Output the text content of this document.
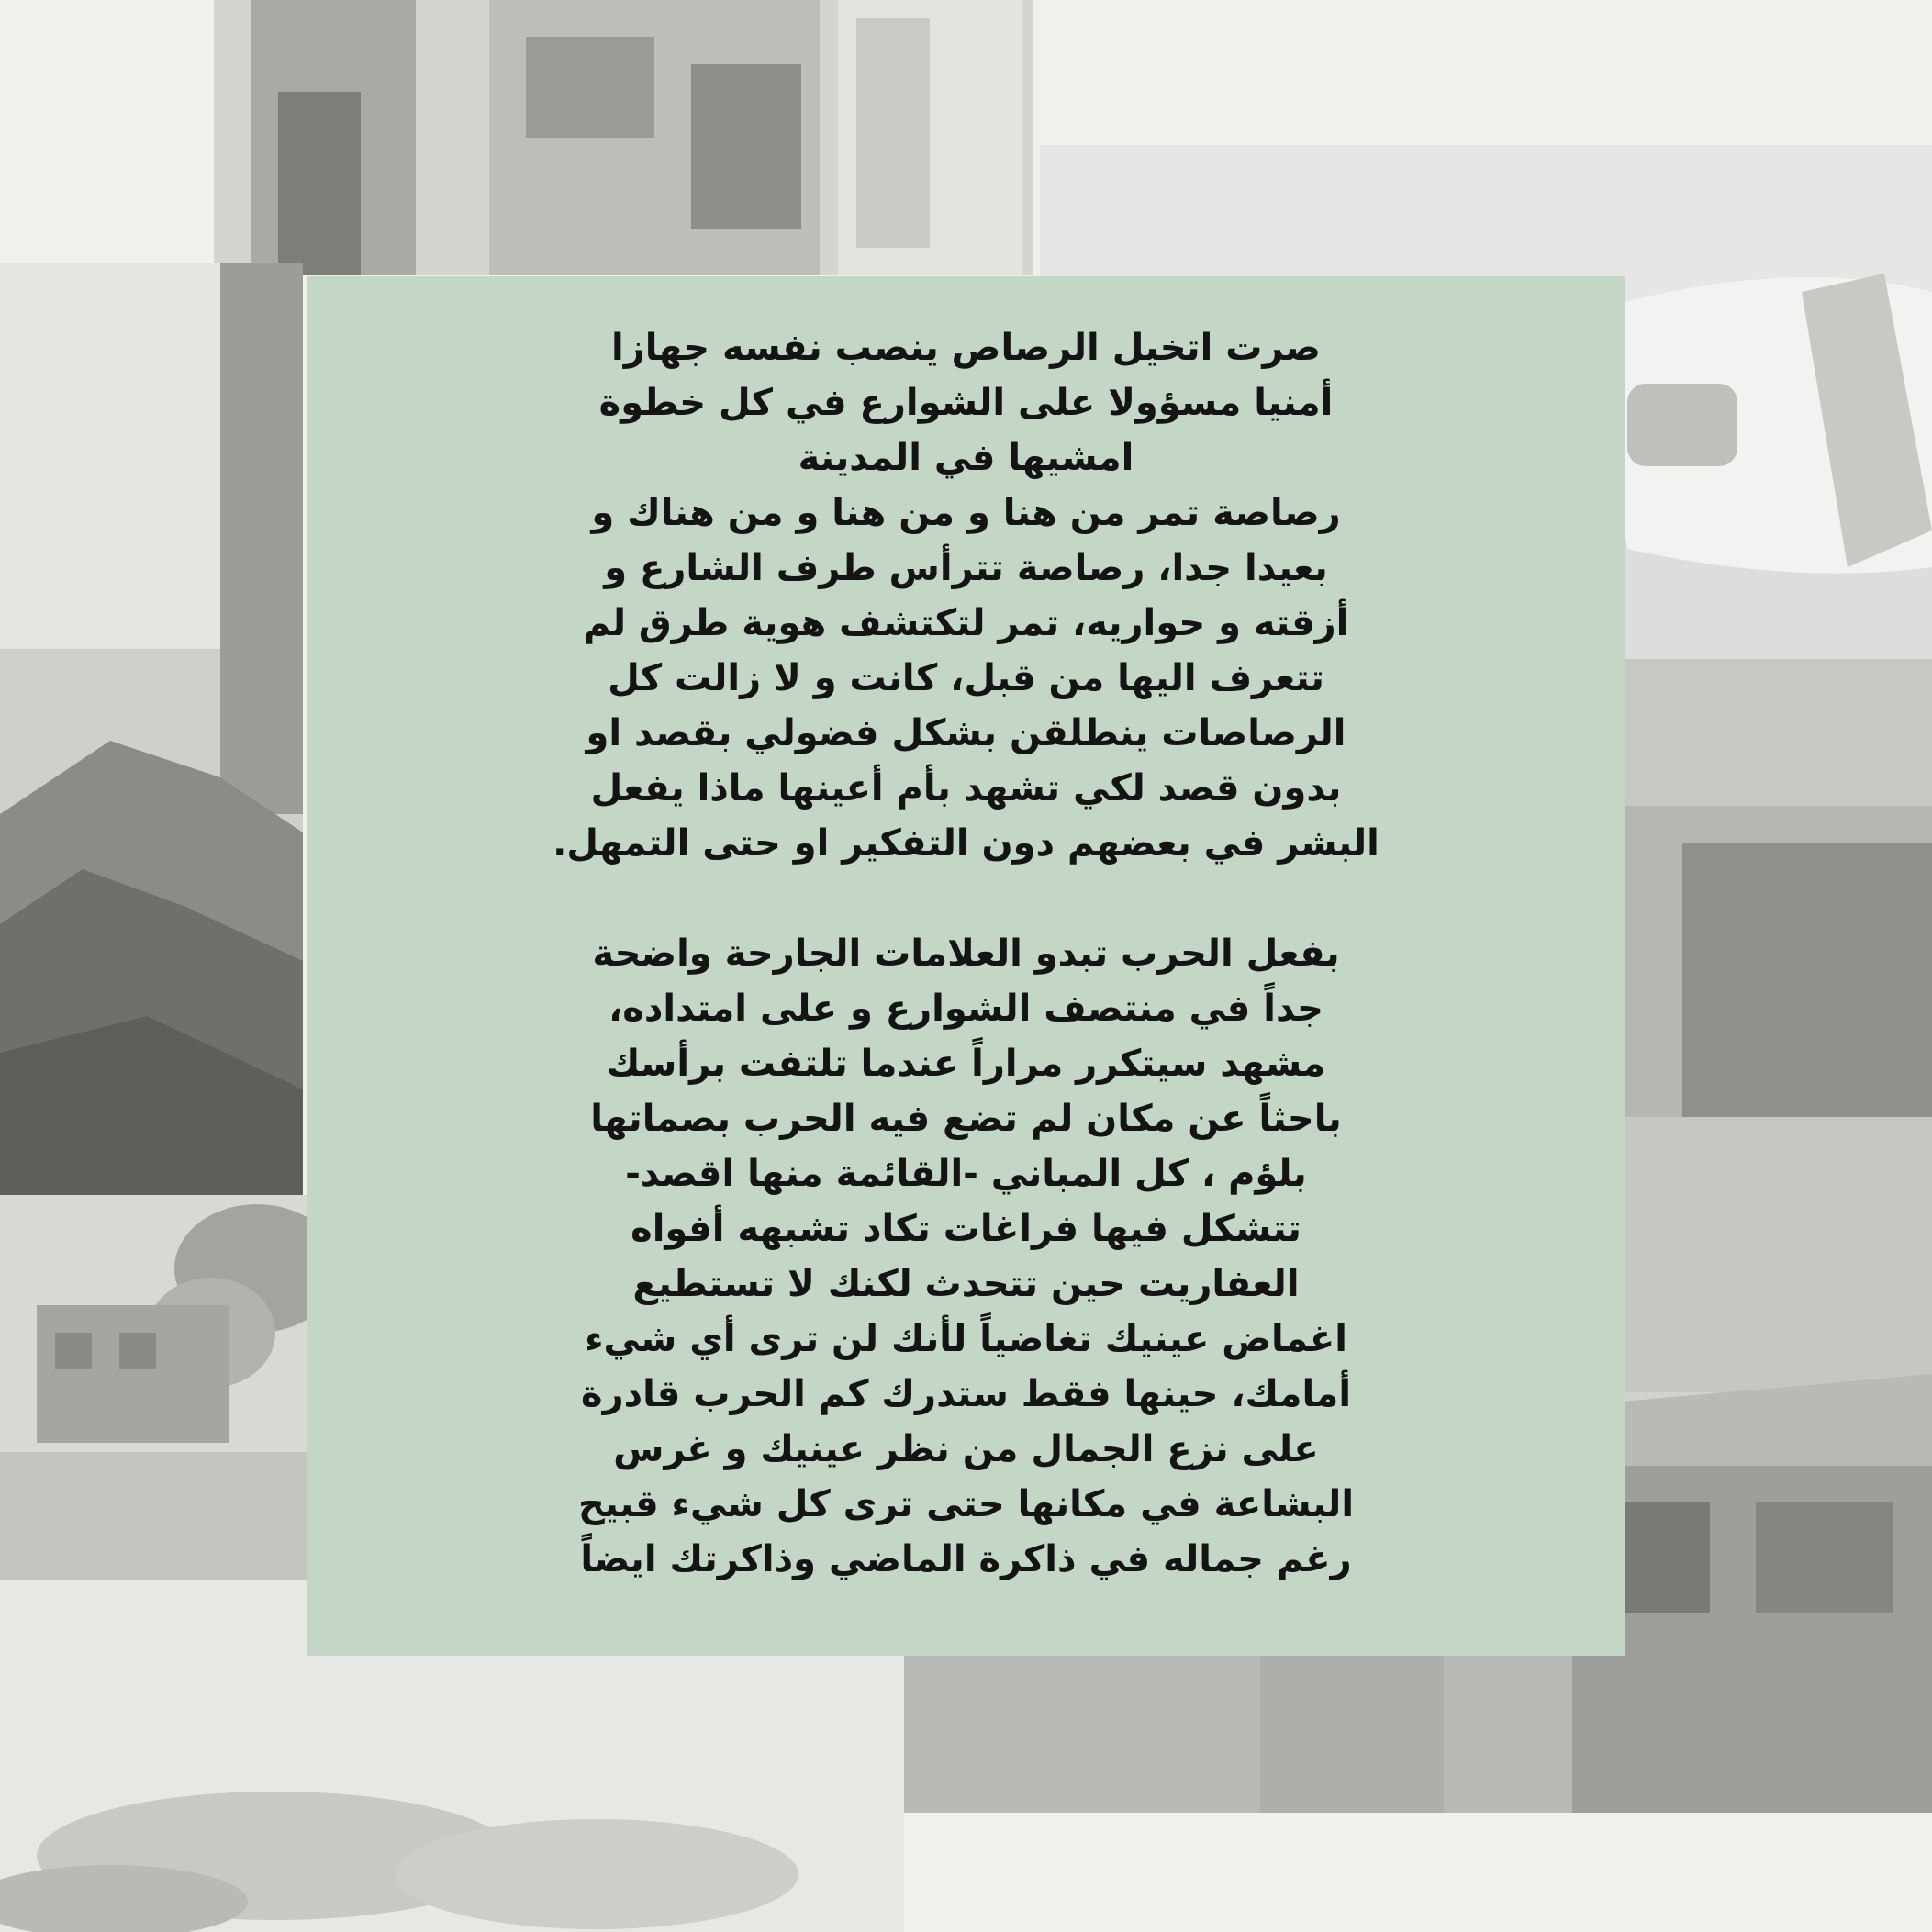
صرت اتخيل الرصاص ينصب نفسه جهازا
أمنيا مسؤولا على الشوارع في كل خطوة
امشيها في المدينة
رصاصة تمر من هنا و من هنا و من هناك و
بعيدا جدا، رصاصة تترأس طرف الشارع و
أزقته و حواريه، تمر لتكتشف هوية طرق لم
تتعرف اليها من قبل، كانت و لا زالت كل
الرصاصات ينطلقن بشكل فضولي بقصد او
بدون قصد لكي تشهد بأم أعينها ماذا يفعل
البشر في بعضهم دون التفكير او حتى التمهل.

بفعل الحرب تبدو العلامات الجارحة واضحة
جداً في منتصف الشوارع و على امتداده،
مشهد سيتكرر مراراً عندما تلتفت برأسك
باحثاً عن مكان لم تضع فيه الحرب بصماتها
بلؤم ، كل المباني -القائمة منها اقصد-
تتشكل فيها فراغات تكاد تشبهه أفواه
العفاريت حين تتحدث لكنك لا تستطيع
اغماض عينيك تغاضياً لأنك لن ترى أي شيء
أمامك، حينها فقط ستدرك كم الحرب قادرة
على نزع الجمال من نظر عينيك و غرس
البشاعة في مكانها حتى ترى كل شيء قبيح
رغم جماله في ذاكرة الماضي وذاكرتك ايضاً
